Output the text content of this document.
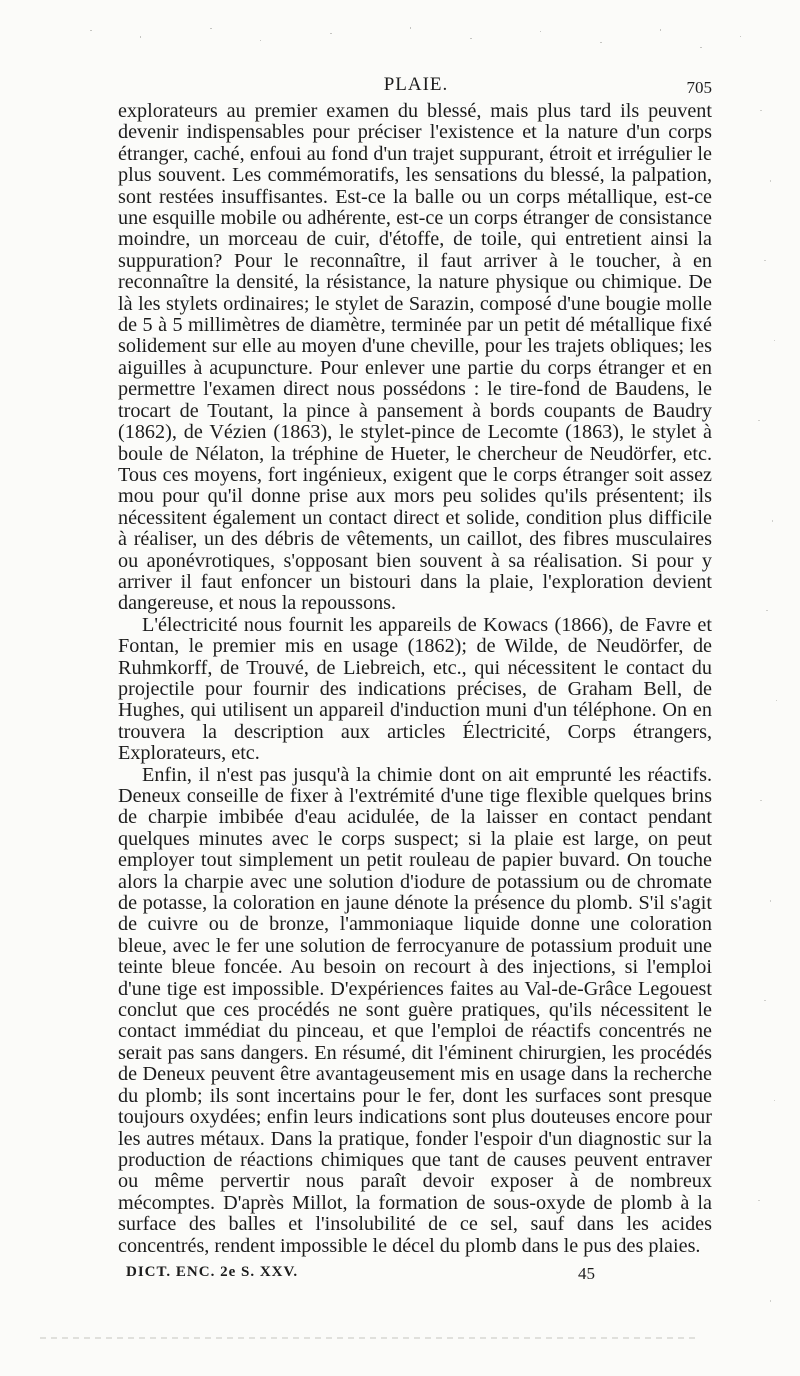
PLAIE.	705

explorateurs au premier examen du blessé, mais plus tard ils peuvent devenir indispensables pour préciser l'existence et la nature d'un corps étranger, caché, enfoui au fond d'un trajet suppurant, étroit et irrégulier le plus souvent. Les commémoratifs, les sensations du blessé, la palpation, sont restées insuffisantes. Est-ce la balle ou un corps métallique, est-ce une esquille mobile ou adhérente, est-ce un corps étranger de consistance moindre, un morceau de cuir, d'étoffe, de toile, qui entretient ainsi la suppuration? Pour le reconnaître, il faut arriver à le toucher, à en reconnaître la densité, la résistance, la nature physique ou chimique. De là les stylets ordinaires; le stylet de Sarazin, composé d'une bougie molle de 5 à 5 millimètres de diamètre, terminée par un petit dé métallique fixé solidement sur elle au moyen d'une cheville, pour les trajets obliques; les aiguilles à acupuncture. Pour enlever une partie du corps étranger et en permettre l'examen direct nous possédons : le tire-fond de Baudens, le trocart de Toutant, la pince à pansement à bords coupants de Baudry (1862), de Vézien (1863), le stylet-pince de Lecomte (1863), le stylet à boule de Nélaton, la tréphine de Hueter, le chercheur de Neudörfer, etc. Tous ces moyens, fort ingénieux, exigent que le corps étranger soit assez mou pour qu'il donne prise aux mors peu solides qu'ils présentent; ils nécessitent également un contact direct et solide, condition plus difficile à réaliser, un des débris de vêtements, un caillot, des fibres musculaires ou aponévrotiques, s'opposant bien souvent à sa réalisation. Si pour y arriver il faut enfoncer un bistouri dans la plaie, l'exploration devient dangereuse, et nous la repoussons.

L'électricité nous fournit les appareils de Kowacs (1866), de Favre et Fontan, le premier mis en usage (1862); de Wilde, de Neudörfer, de Ruhmkorff, de Trouvé, de Liebreich, etc., qui nécessitent le contact du projectile pour fournir des indications précises, de Graham Bell, de Hughes, qui utilisent un appareil d'induction muni d'un téléphone. On en trouvera la description aux articles Électricité, Corps étrangers, Explorateurs, etc.

Enfin, il n'est pas jusqu'à la chimie dont on ait emprunté les réactifs. Deneux conseille de fixer à l'extrémité d'une tige flexible quelques brins de charpie imbibée d'eau acidulée, de la laisser en contact pendant quelques minutes avec le corps suspect; si la plaie est large, on peut employer tout simplement un petit rouleau de papier buvard. On touche alors la charpie avec une solution d'iodure de potassium ou de chromate de potasse, la coloration en jaune dénote la présence du plomb. S'il s'agit de cuivre ou de bronze, l'ammoniaque liquide donne une coloration bleue, avec le fer une solution de ferrocyanure de potassium produit une teinte bleue foncée. Au besoin on recourt à des injections, si l'emploi d'une tige est impossible. D'expériences faites au Val-de-Grâce Legouest conclut que ces procédés ne sont guère pratiques, qu'ils nécessitent le contact immédiat du pinceau, et que l'emploi de réactifs concentrés ne serait pas sans dangers. En résumé, dit l'éminent chirurgien, les procédés de Deneux peuvent être avantageusement mis en usage dans la recherche du plomb; ils sont incertains pour le fer, dont les surfaces sont presque toujours oxydées; enfin leurs indications sont plus douteuses encore pour les autres métaux. Dans la pratique, fonder l'espoir d'un diagnostic sur la production de réactions chimiques que tant de causes peuvent entraver ou même pervertir nous paraît devoir exposer à de nombreux mécomptes. D'après Millot, la formation de sous-oxyde de plomb à la surface des balles et l'insolubilité de ce sel, sauf dans les acides concentrés, rendent impossible le décel du plomb dans le pus des plaies.

DICT. ENC. 2e S. XXV.	45
